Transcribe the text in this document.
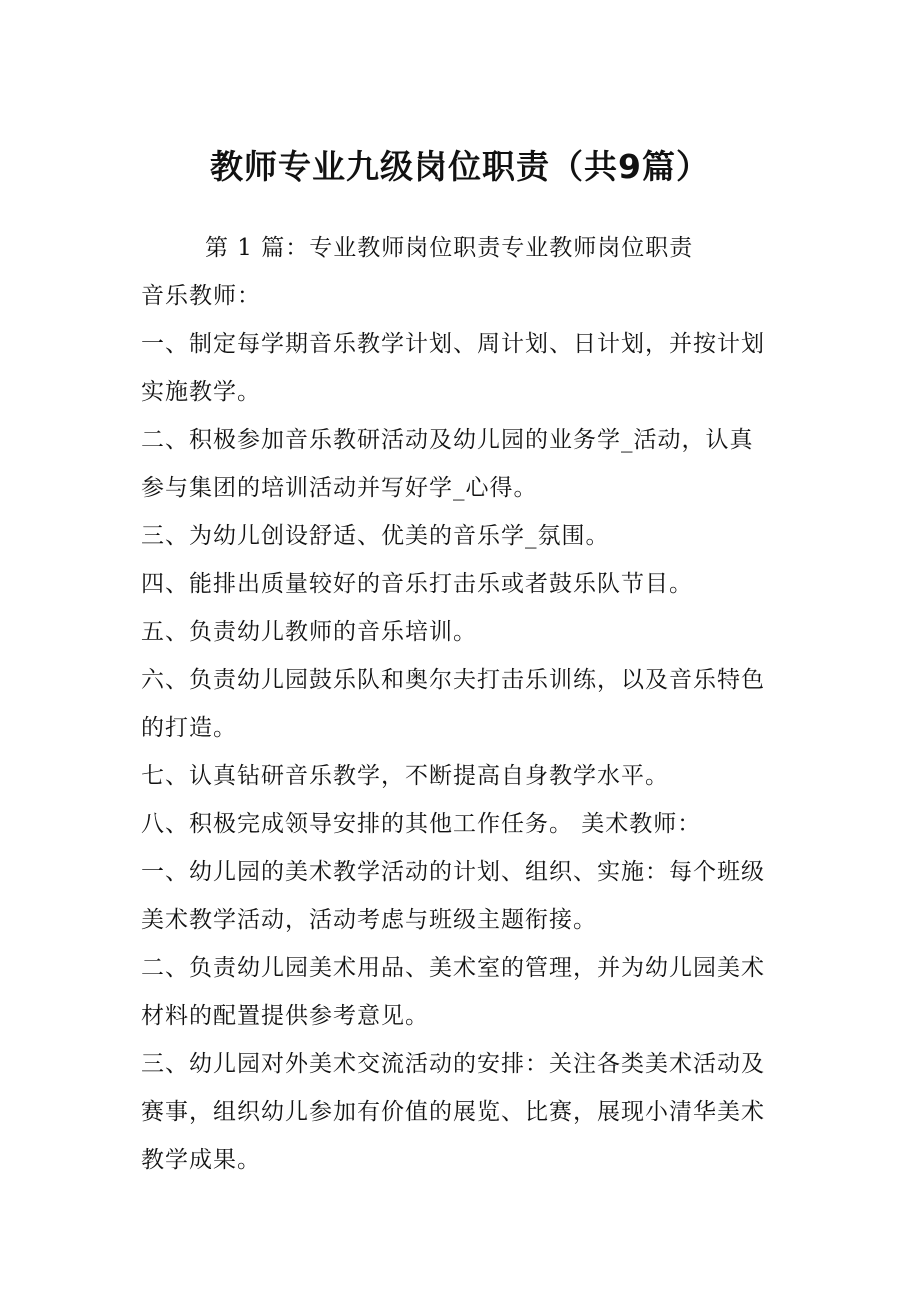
教师专业九级岗位职责（共9篇）

第 1 篇：专业教师岗位职责专业教师岗位职责

音乐教师：

一、制定每学期音乐教学计划、周计划、日计划，并按计划

实施教学。

二、积极参加音乐教研活动及幼儿园的业务学_活动，认真

参与集团的培训活动并写好学_心得。

三、为幼儿创设舒适、优美的音乐学_氛围。

四、能排出质量较好的音乐打击乐或者鼓乐队节目。

五、负责幼儿教师的音乐培训。

六、负责幼儿园鼓乐队和奥尔夫打击乐训练，以及音乐特色

的打造。

七、认真钻研音乐教学，不断提高自身教学水平。

八、积极完成领导安排的其他工作任务。 美术教师：

一、幼儿园的美术教学活动的计划、组织、实施：每个班级

美术教学活动，活动考虑与班级主题衔接。

二、负责幼儿园美术用品、美术室的管理，并为幼儿园美术

材料的配置提供参考意见。

三、幼儿园对外美术交流活动的安排：关注各类美术活动及

赛事，组织幼儿参加有价值的展览、比赛，展现小清华美术

教学成果。
